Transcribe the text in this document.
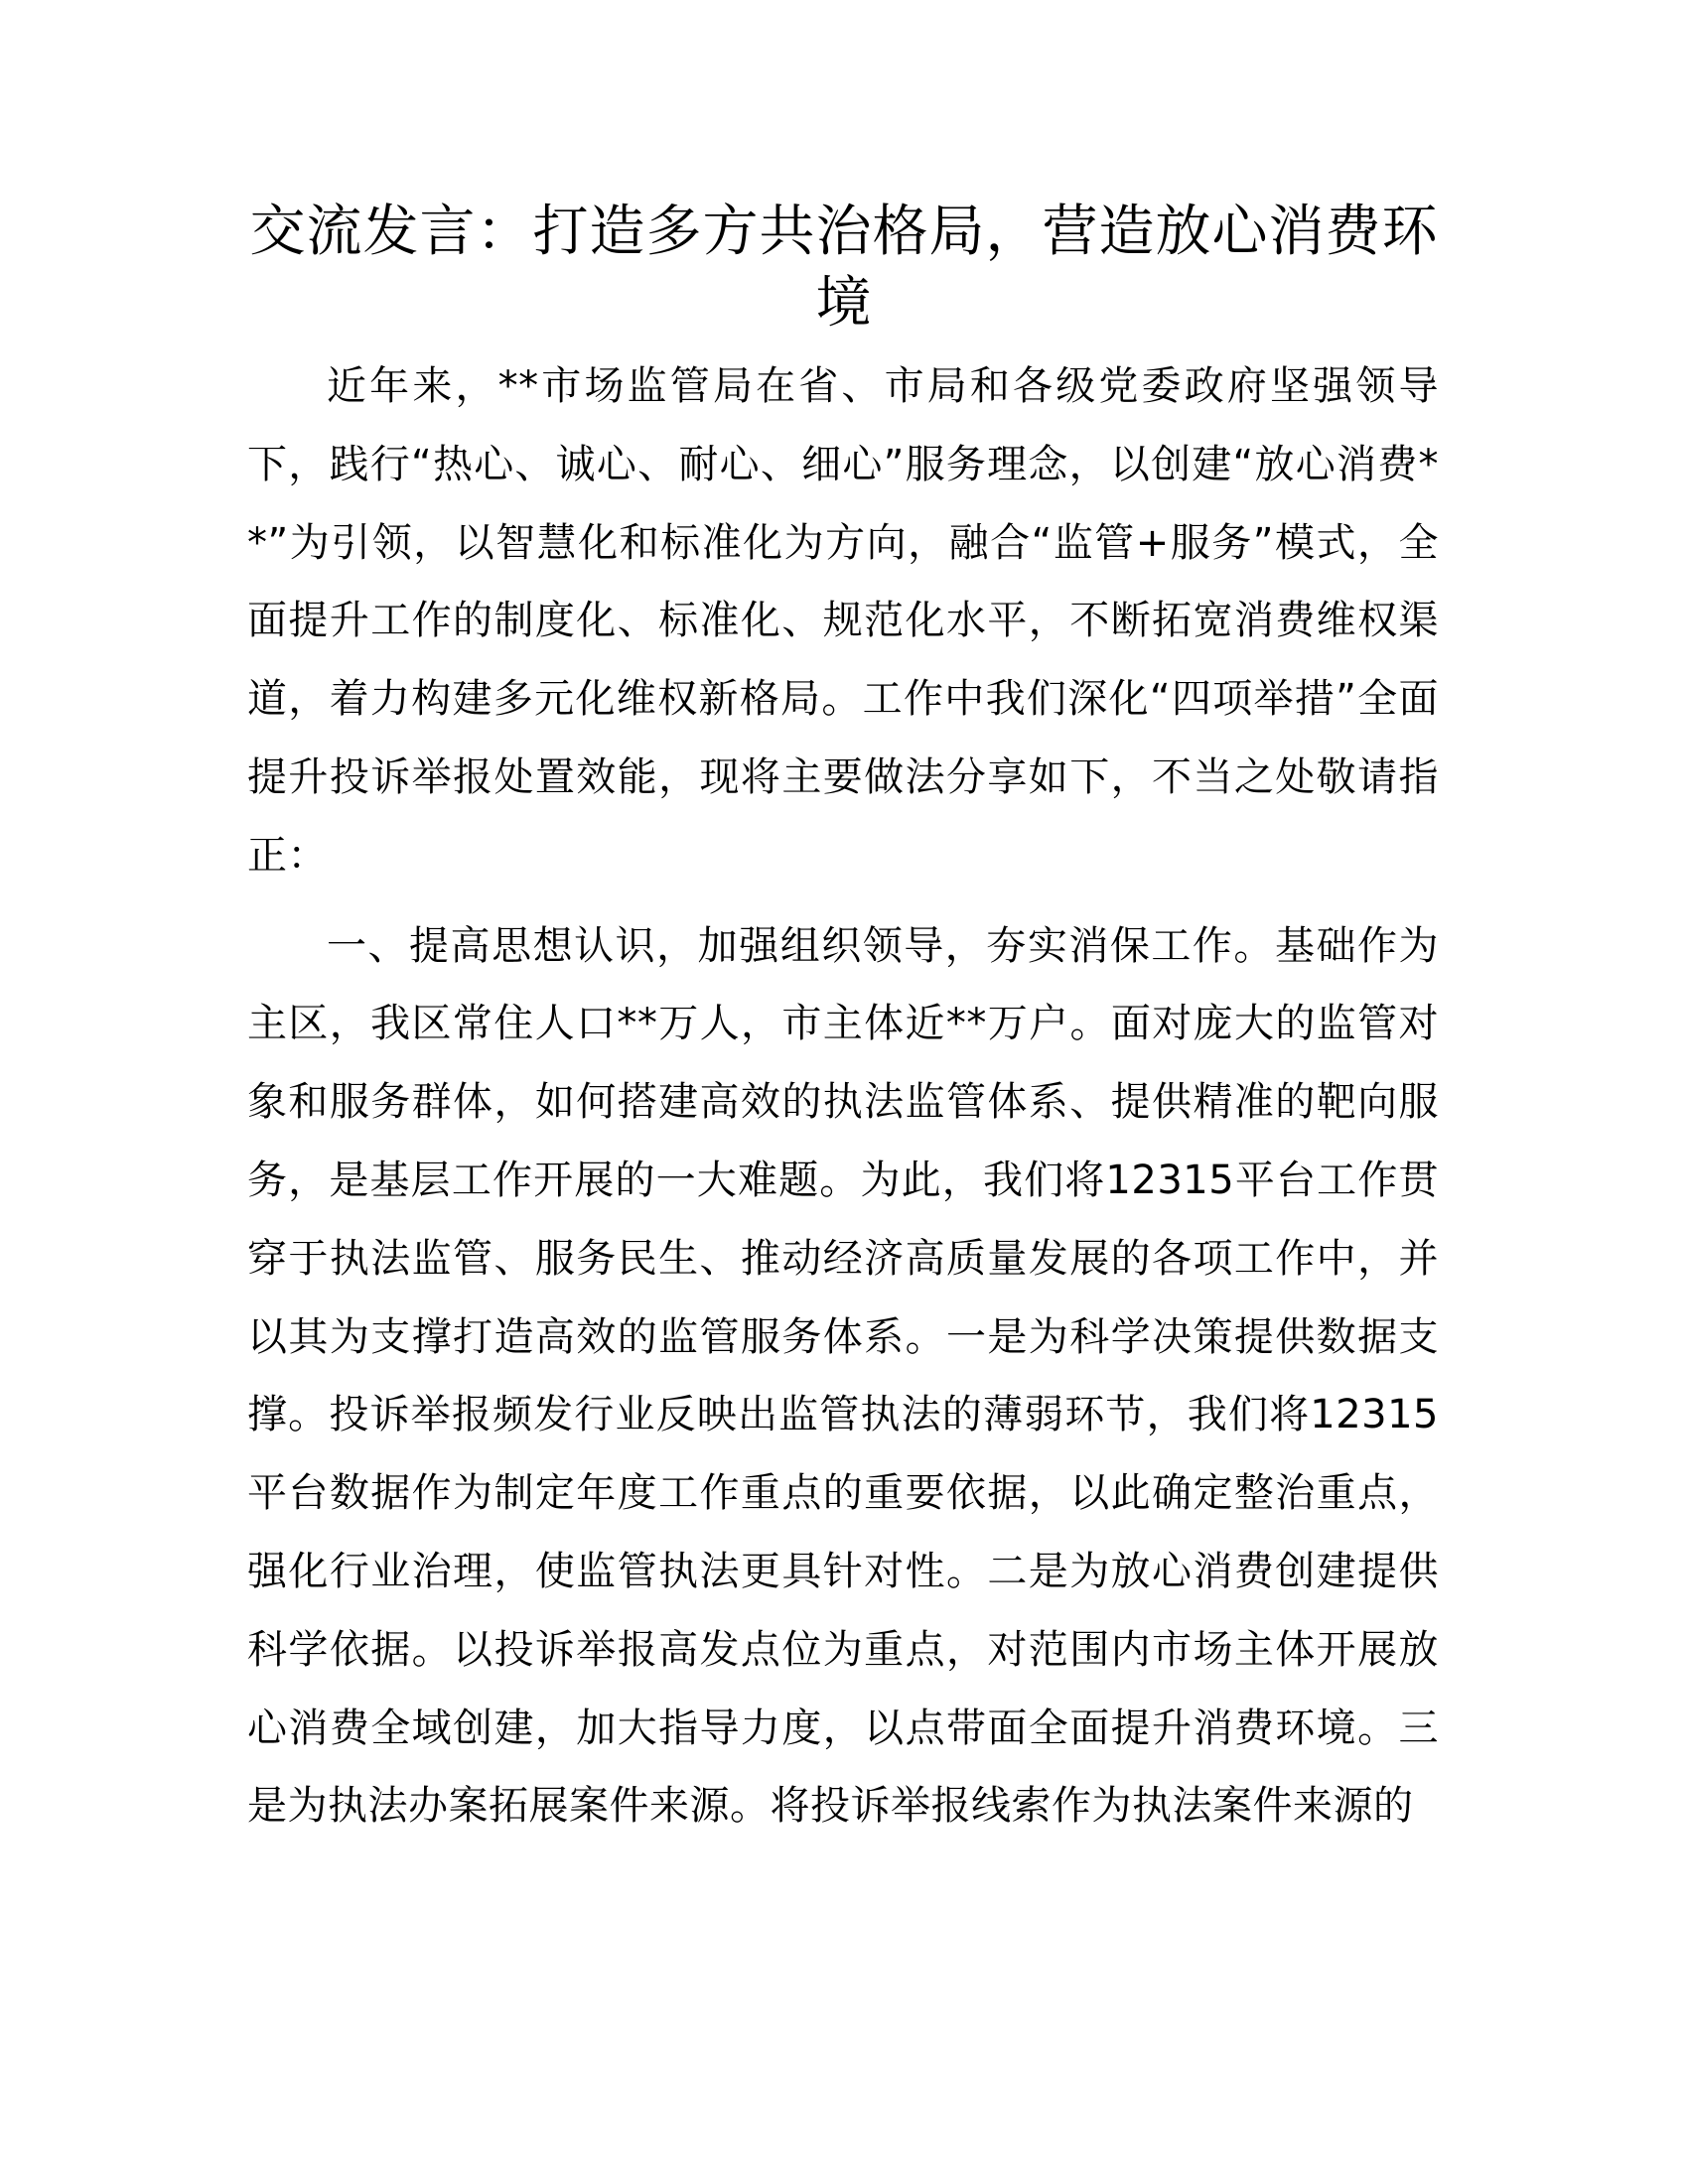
交流发言：打造多方共治格局，营造放心消费环境

近年来，**市场监管局在省、市局和各级党委政府坚强领导下，践行“热心、诚心、耐心、细心”服务理念，以创建“放心消费**”为引领，以智慧化和标准化为方向，融合“监管+服务”模式，全面提升工作的制度化、标准化、规范化水平，不断拓宽消费维权渠道，着力构建多元化维权新格局。工作中我们深化“四项举措”全面提升投诉举报处置效能，现将主要做法分享如下，不当之处敬请指正：

一、提高思想认识，加强组织领导，夯实消保工作。基础作为主区，我区常住人口**万人，市主体近**万户。面对庞大的监管对象和服务群体，如何搭建高效的执法监管体系、提供精准的靶向服务，是基层工作开展的一大难题。为此，我们将12315平台工作贯穿于执法监管、服务民生、推动经济高质量发展的各项工作中，并以其为支撑打造高效的监管服务体系。一是为科学决策提供数据支撑。投诉举报频发行业反映出监管执法的薄弱环节，我们将12315平台数据作为制定年度工作重点的重要依据，以此确定整治重点，强化行业治理，使监管执法更具针对性。二是为放心消费创建提供科学依据。以投诉举报高发点位为重点，对范围内市场主体开展放心消费全域创建，加大指导力度，以点带面全面提升消费环境。三是为执法办案拓展案件来源。将投诉举报线索作为执法案件来源的
